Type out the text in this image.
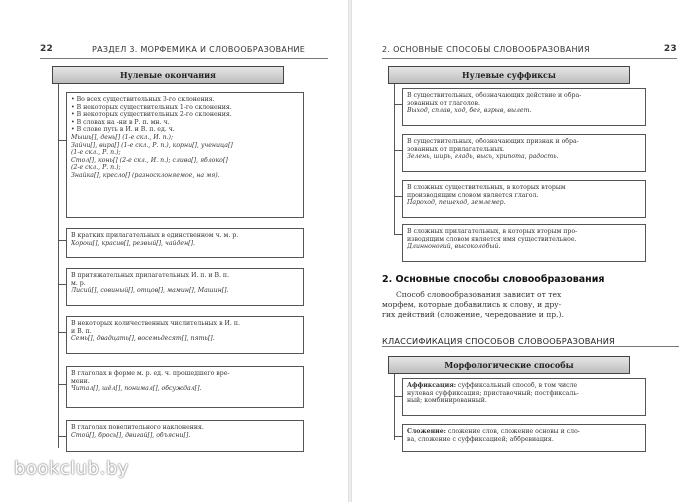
22	РАЗДЕЛ 3. МОРФЕМИКА И СЛОВООБРАЗОВАНИЕ
Нулевые окончания
• Во всех существительных 3-го склонения.
• В некоторых существительных 1-го склонения.
• В некоторых существительных 2-го склонения.
• В словах на -ни в Р. п. мн. ч.
• В слове путь в И. и В. п. ед. ч.
Мышь[], день[] (1-е скл., И. п.);
Зайчи[], вира[] (1-е скл., Р. п.), корни[], ученица[]
(1-е скл., Р. п.);
Стол[], конь[] (2-е скл., И. п.); слива[], яблоко[]
(2-е скл., Р. п.);
Знайка[], кресло[] (разносклоняемое, на мя).
В кратких прилагательных в единственном ч. м. р.
Хорош[], красив[], резвый[], чайден[].
В притяжательных прилагательных И. п. и В. п.
м. р.
Лисий[], совиный[], отцов[], мамин[], Машин[].
В некоторых количественных числительных в И. п.
и В. п.
Семь[], двадцать[], восемьдесят[], пять[].
В глаголах в форме м. р. ед. ч. прошедшего вре-
мени.
Читал[], шёл[], понимал[], обсуждал[].
В глаголах повелительного наклонения.
Стой[], брось[], двигай[], объясни[].
2. ОСНОВНЫЕ СПОСОБЫ СЛОВООБРАЗОВАНИЯ	23
Нулевые суффиксы
В существительных, обозначающих действие и обра-
зованных от глаголов.
Выход, сплав, ход, бег, взрыв, вылет.
В существительных, обозначающих признак и обра-
зованных от прилагательных.
Зелень, ширь, гладь, высь, хрипота, радость.
В сложных существительных, в которых вторым
производящим словом является глагол.
Пароход, пешеход, землемер.
В сложных прилагательных, в которых вторым про-
изводящим словом является имя существительное.
Длинноногий, высоколобый.
2. Основные способы словообразования
Способ словообразования зависит от тех
морфем, которые добавились к слову, и дру-
гих действий (сложение, чередование и пр.).
КЛАССИФИКАЦИЯ СПОСОБОВ СЛОВООБРАЗОВАНИЯ
Морфологические способы
Аффиксация: суффиксальный способ, в том числе
нулевая суффиксация; приставочный; постфиксаль-
ный; комбинированный.
Сложение: сложение слов, сложение основы и сло-
ва, сложение с суффиксацией; аббревиация.
bookclub.by
